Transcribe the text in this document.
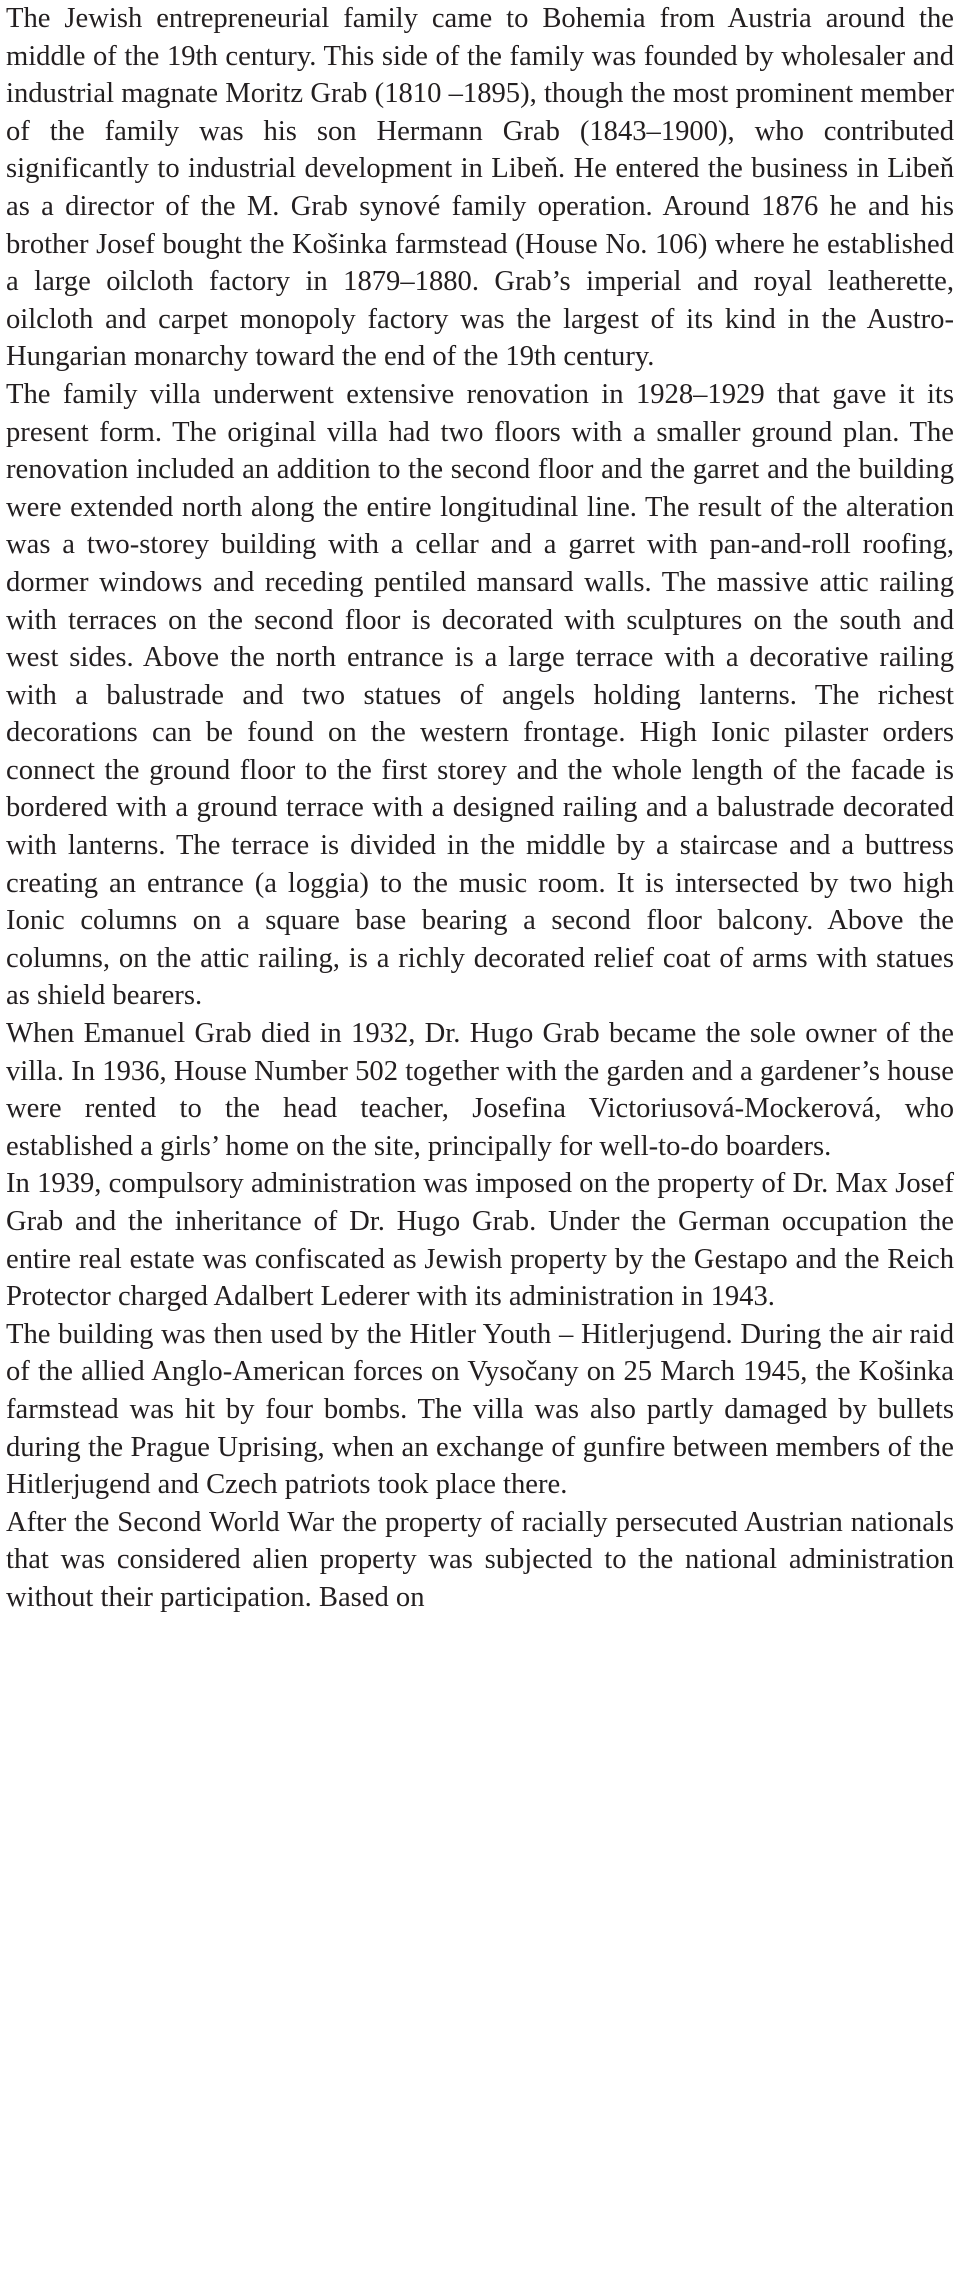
The Jewish entrepreneurial family came to Bohemia from Austria around the middle of the 19th century. This side of the family was founded by wholesaler and industrial magnate Moritz Grab (1810 –1895), though the most prominent member of the family was his son Hermann Grab (1843–1900), who contributed significantly to industrial development in Libeň. He entered the business in Libeň as a director of the M. Grab synové family operation. Around 1876 he and his brother Josef bought the Košinka farmstead (House No. 106) where he established a large oilcloth factory in 1879–1880. Grab’s imperial and royal leatherette, oilcloth and carpet monopoly factory was the largest of its kind in the Austro-Hungarian monarchy toward the end of the 19th century.

The family villa underwent extensive renovation in 1928–1929 that gave it its present form. The original villa had two floors with a smaller ground plan. The renovation included an addition to the second floor and the garret and the building were extended north along the entire longitudinal line. The result of the alteration was a two-storey building with a cellar and a garret with pan-and-roll roofing, dormer windows and receding pentiled mansard walls. The massive attic railing with terraces on the second floor is decorated with sculptures on the south and west sides. Above the north entrance is a large terrace with a decorative railing with a balustrade and two statues of angels holding lanterns. The richest decorations can be found on the western frontage. High Ionic pilaster orders connect the ground floor to the first storey and the whole length of the facade is bordered with a ground terrace with a designed railing and a balustrade decorated with lanterns. The terrace is divided in the middle by a staircase and a buttress creating an entrance (a loggia) to the music room. It is intersected by two high Ionic columns on a square base bearing a second floor balcony. Above the columns, on the attic railing, is a richly decorated relief coat of arms with statues as shield bearers.

When Emanuel Grab died in 1932, Dr. Hugo Grab became the sole owner of the villa. In 1936, House Number 502 together with the garden and a gardener’s house were rented to the head teacher, Josefina Victoriusová-Mockerová, who established a girls’ home on the site, principally for well-to-do boarders.

In 1939, compulsory administration was imposed on the property of Dr. Max Josef Grab and the inheritance of Dr. Hugo Grab. Under the German occupation the entire real estate was confiscated as Jewish property by the Gestapo and the Reich Protector charged Adalbert Lederer with its administration in 1943.

The building was then used by the Hitler Youth – Hitlerjugend. During the air raid of the allied Anglo-American forces on Vysočany on 25 March 1945, the Košinka farmstead was hit by four bombs. The villa was also partly damaged by bullets during the Prague Uprising, when an exchange of gunfire between members of the Hitlerjugend and Czech patriots took place there.

After the Second World War the property of racially persecuted Austrian nationals that was considered alien property was subjected to the national administration without their participation. Based on
